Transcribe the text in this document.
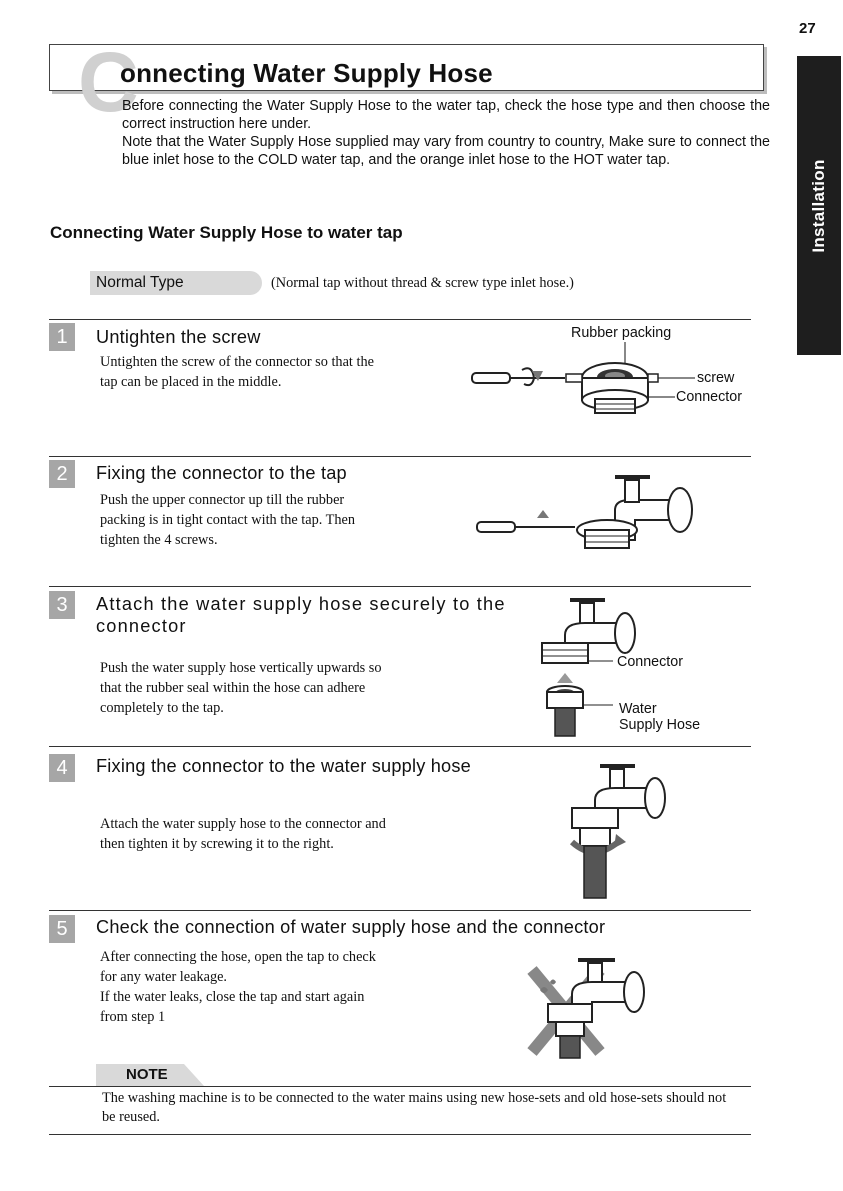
27
Installation
C
onnecting Water Supply Hose

Before connecting the Water Supply Hose to the water tap, check the hose type and then choose the correct instruction here under.

Note that the Water Supply Hose supplied may vary from country to country, Make sure to connect the blue inlet hose to the COLD water tap, and the orange inlet hose to the HOT water tap.

Connecting Water Supply Hose to water tap
Normal Type	(Normal tap without thread & screw type inlet hose.)
1	Untighten the screw

Untighten the screw of the connector so that the

tap can be placed in the middle.

Rubber packing
screw
Connector
2	Fixing the connector to the tap

Push the upper connector up till the rubber

packing is in tight contact with the tap. Then

tighten the 4 screws.

3	Attach the water supply hose securely to the
connector

Push the water supply hose vertically upwards so

that the rubber seal within the hose can adhere

completely to the tap.

Connector
Water
Supply Hose
4	Fixing the connector to the water supply hose

Attach the water supply hose to the connector and

then tighten it by screwing it to the right.

5	Check the connection of water supply hose and the connector

After connecting the hose, open the tap to check

for any water leakage.

If the water leaks, close the tap and start again

from step 1

NOTE
The washing machine is to be connected to the water mains using new hose-sets and old hose-sets should not be reused.
